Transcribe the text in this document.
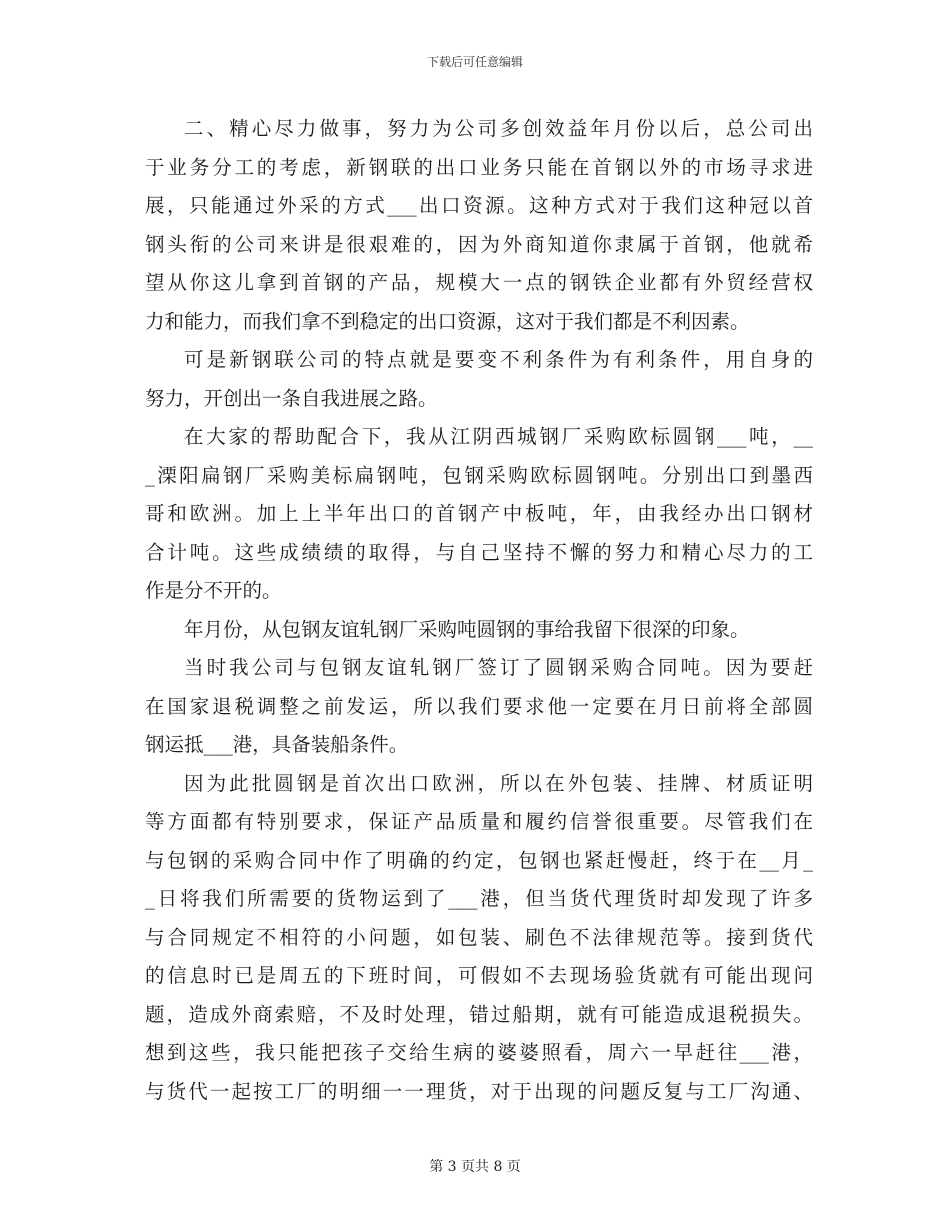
下载后可任意编辑
二、精心尽力做事，努力为公司多创效益年月份以后，总公司出
于业务分工的考虑，新钢联的出口业务只能在首钢以外的市场寻求进
展，只能通过外采的方式___出口资源。这种方式对于我们这种冠以首
钢头衔的公司来讲是很艰难的，因为外商知道你隶属于首钢，他就希
望从你这儿拿到首钢的产品，规模大一点的钢铁企业都有外贸经营权
力和能力，而我们拿不到稳定的出口资源，这对于我们都是不利因素。
可是新钢联公司的特点就是要变不利条件为有利条件，用自身的
努力，开创出一条自我进展之路。
在大家的帮助配合下，我从江阴西城钢厂采购欧标圆钢___吨，__
_溧阳扁钢厂采购美标扁钢吨，包钢采购欧标圆钢吨。分别出口到墨西
哥和欧洲。加上上半年出口的首钢产中板吨，年，由我经办出口钢材
合计吨。这些成绩绩的取得，与自己坚持不懈的努力和精心尽力的工
作是分不开的。
年月份，从包钢友谊轧钢厂采购吨圆钢的事给我留下很深的印象。
当时我公司与包钢友谊轧钢厂签订了圆钢采购合同吨。因为要赶
在国家退税调整之前发运，所以我们要求他一定要在月日前将全部圆
钢运抵___港，具备装船条件。
因为此批圆钢是首次出口欧洲，所以在外包装、挂牌、材质证明
等方面都有特别要求，保证产品质量和履约信誉很重要。尽管我们在
与包钢的采购合同中作了明确的约定，包钢也紧赶慢赶，终于在__月_
_日将我们所需要的货物运到了___港，但当货代理货时却发现了许多
与合同规定不相符的小问题，如包装、刷色不法律规范等。接到货代
的信息时已是周五的下班时间，可假如不去现场验货就有可能出现问
题，造成外商索赔，不及时处理，错过船期，就有可能造成退税损失。
想到这些，我只能把孩子交给生病的婆婆照看，周六一早赶往___港，
与货代一起按工厂的明细一一理货，对于出现的问题反复与工厂沟通、
第 3 页共 8 页
